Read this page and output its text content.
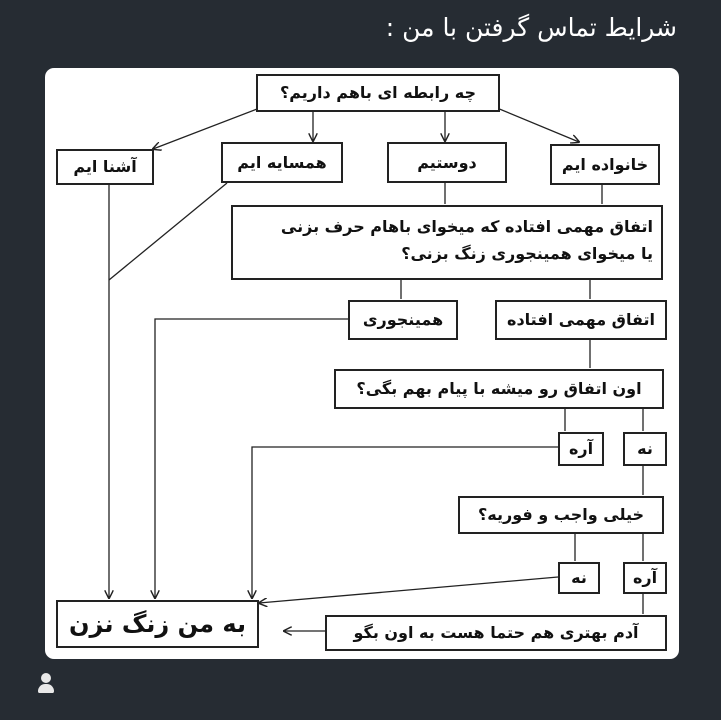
شرایط تماس گرفتن با من :
چه رابطه ای باهم داریم؟
آشنا ایم	همسایه ایم	دوستیم	خانواده ایم
اتفاق مهمی افتاده که میخوای باهام حرف بزنی
یا میخوای همینجوری زنگ بزنی؟
همینجوری	اتفاق مهمی افتاده
اون اتفاق رو میشه با پیام بهم بگی؟
آره	نه
خیلی واجب و فوریه؟
نه	آره
آدم بهتری هم حتما هست به اون بگو
به من زنگ نزن
